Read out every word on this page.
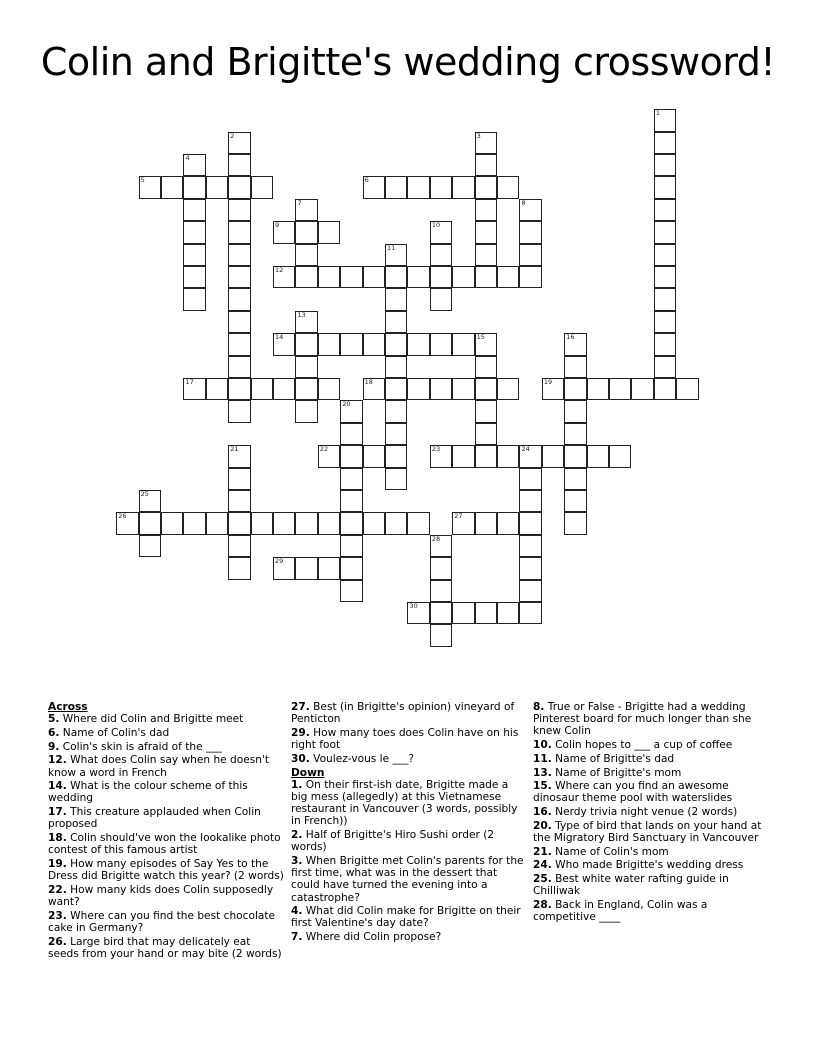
Colin and Brigitte's wedding crossword!
1
2	3
4
5	6
7	8
9	10
11
12
13
14	15	16
17	18	19
20
21	22	23	24
25
26	27
28
29
30
Across
5. Where did Colin and Brigitte meet
6. Name of Colin's dad
9. Colin's skin is afraid of the ___
12. What does Colin say when he doesn't know a word in French
14. What is the colour scheme of this wedding
17. This creature applauded when Colin proposed
18. Colin should've won the lookalike photo contest of this famous artist
19. How many episodes of Say Yes to the Dress did Brigitte watch this year? (2 words)
22. How many kids does Colin supposedly want?
23. Where can you find the best chocolate cake in Germany?
26. Large bird that may delicately eat seeds from your hand or may bite (2 words)
27. Best (in Brigitte's opinion) vineyard of Penticton
29. How many toes does Colin have on his right foot
30. Voulez-vous le ___?
Down
1. On their first-ish date, Brigitte made a big mess (allegedly) at this Vietnamese restaurant in Vancouver (3 words, possibly in French))
2. Half of Brigitte's Hiro Sushi order (2 words)
3. When Brigitte met Colin's parents for the first time, what was in the dessert that could have turned the evening into a catastrophe?
4. What did Colin make for Brigitte on their first Valentine's day date?
7. Where did Colin propose?
8. True or False - Brigitte had a wedding Pinterest board for much longer than she knew Colin
10. Colin hopes to ___ a cup of coffee
11. Name of Brigitte's dad
13. Name of Brigitte's mom
15. Where can you find an awesome dinosaur theme pool with waterslides
16. Nerdy trivia night venue (2 words)
20. Type of bird that lands on your hand at the Migratory Bird Sanctuary in Vancouver
21. Name of Colin's mom
24. Who made Brigitte's wedding dress
25. Best white water rafting guide in Chilliwak
28. Back in England, Colin was a competitive ____
